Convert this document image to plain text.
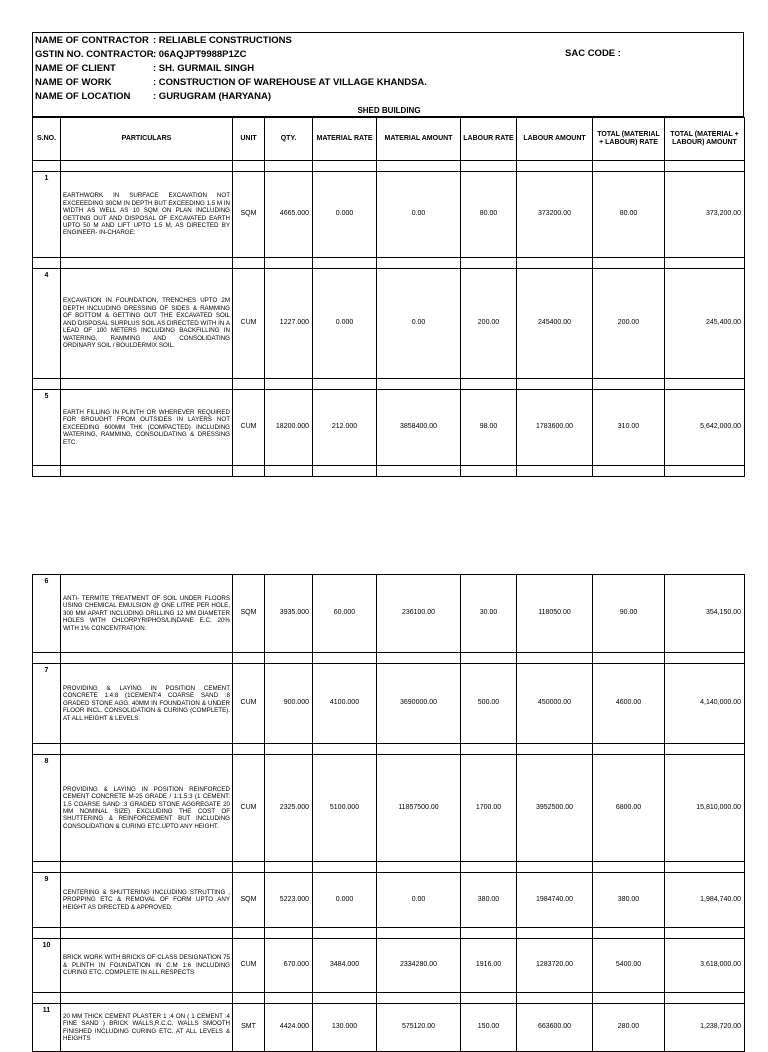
NAME OF CONTRACTOR : RELIABLE CONSTRUCTIONS
GSTIN NO. CONTRACTOR: 06AQJPT9988P1ZC	SAC CODE :
NAME OF CLIENT	: SH. GURMAIL SINGH
NAME OF WORK	: CONSTRUCTION OF WAREHOUSE AT VILLAGE KHANDSA.
NAME OF LOCATION : GURUGRAM (HARYANA)
SHED BUILDING
S.NO.	PARTICULARS	UNIT	QTY.	MATERIAL RATE	MATERIAL AMOUNT	LABOUR RATE	LABOUR AMOUNT	TOTAL (MATERIAL + LABOUR) RATE	TOTAL (MATERIAL + LABOUR) AMOUNT

1	EARTHWORK IN SURFACE EXCAVATION NOT EXCEEEDING 30CM IN DEPTH BUT EXCEEDING 1.5 M IN WIDTH AS WELL AS 10 SQM ON PLAN INCLUDING GETTING OUT AND DISPOSAL OF EXCAVATED EARTH UPTO 50 M AND LIFT UPTO 1.5 M, AS DIRECTED BY ENGINEER- IN-CHARGE:	SQM	4665.000	0.000	0.00	80.00	373200.00	80.00	373,200.00

4	EXCAVATION IN FOUNDATION, TRENCHES UPTO 2M DEPTH INCLUDING DRESSING OF SIDES & RAMMING OF BOTTOM & GETTING OUT THE EXCAVATED SOIL AND DISPOSAL SURPLUS SOIL AS DIRECTED WITH IN A LEAD OF 100 METERS INCLUDING BACKFILLING IN WATERING, RAMMING AND CONSOLIDATING ORDINARY SOIL / BOULDERMIX SOIL.	CUM	1227.000	0.000	0.00	200.00	245400.00	200.00	245,400.00

5	EARTH FILLING IN PLINTH OR WHEREVER REQUIRED FOR BROUGHT FROM OUTSIDES IN LAYERS NOT EXCEEDING 600MM THK (COMPACTED) INCLUDING WATERING, RAMMING, CONSOLIDATING & DRESSING ETC.	CUM	18200.000	212.000	3858400.00	98.00	1783600.00	310.00	5,642,000.00

6	ANTI- TERMITE TREATMENT OF SOIL UNDER FLOORS USING CHEMICAL EMULSION @ ONE LITRE PER HOLE, 300 MM APART INCLUDING DRILLING 12 MM DIAMETER HOLES WITH CHLORPYRIPHOS/LINDANE E.C. 20% WITH 1% CONCENTRATION.	SQM	3935.000	60.000	236100.00	30.00	118050.00	90.00	354,150.00

7	PROVIDING & LAYING IN POSITION CEMENT CONCRETE 1:4:8 (1CEMENT:4 COARSE SAND :8 GRADED STONE AGG. 40MM IN FOUNDATION & UNDER FLOOR INCL. CONSOLIDATION & CURING (COMPLETE). AT ALL HEIGHT & LEVELS.	CUM	900.000	4100.000	3690000.00	500.00	450000.00	4600.00	4,140,000.00

8	PROVIDING & LAYING IN POSITION REINFORCED CEMENT CONCRETE M-25 GRADE / 1:1.5:3 (1 CEMENT: 1.5 COARSE SAND :3 GRADED STONE AGGREGATE 20 MM NOMINAL SIZE) EXCLUDING THE COST OF SHUTTERING & REINFORCEMENT BUT INCLUDING CONSOLIDATION & CURING ETC.UPTO ANY HEIGHT.	CUM	2325.000	5100.000	11857500.00	1700.00	3952500.00	6800.00	15,810,000.00

9	CENTERING & SHUTTERING INCLUDING STRUTTING , PROPPING ETC & REMOVAL OF FORM UPTO ANY HEIGHT AS DIRECTED & APPROVED.	SQM	5223.000	0.000	0.00	380.00	1984740.00	380.00	1,984,740.00

10	BRICK WORK WITH BRICKS OF CLASS DESIGNATION 75 & PLINTH IN FOUNDATION IN C.M 1:6 INCLUDING CURING ETC. COMPLETE IN ALL RESPECTS	CUM	670.000	3484.000	2334280.00	1916.00	1283720.00	5400.00	3,618,000.00

11	20 MM THICK CEMENT PLASTER 1 :4 ON ( 1 CEMENT :4 FINE SAND ) BRICK WALLS,R.C.C. WALLS SMOOTH FINISHED INCLUDING CURING ETC. AT ALL LEVELS & HEIGHTS	SMT	4424.000	130.000	575120.00	150.00	663600.00	280.00	1,238,720.00
